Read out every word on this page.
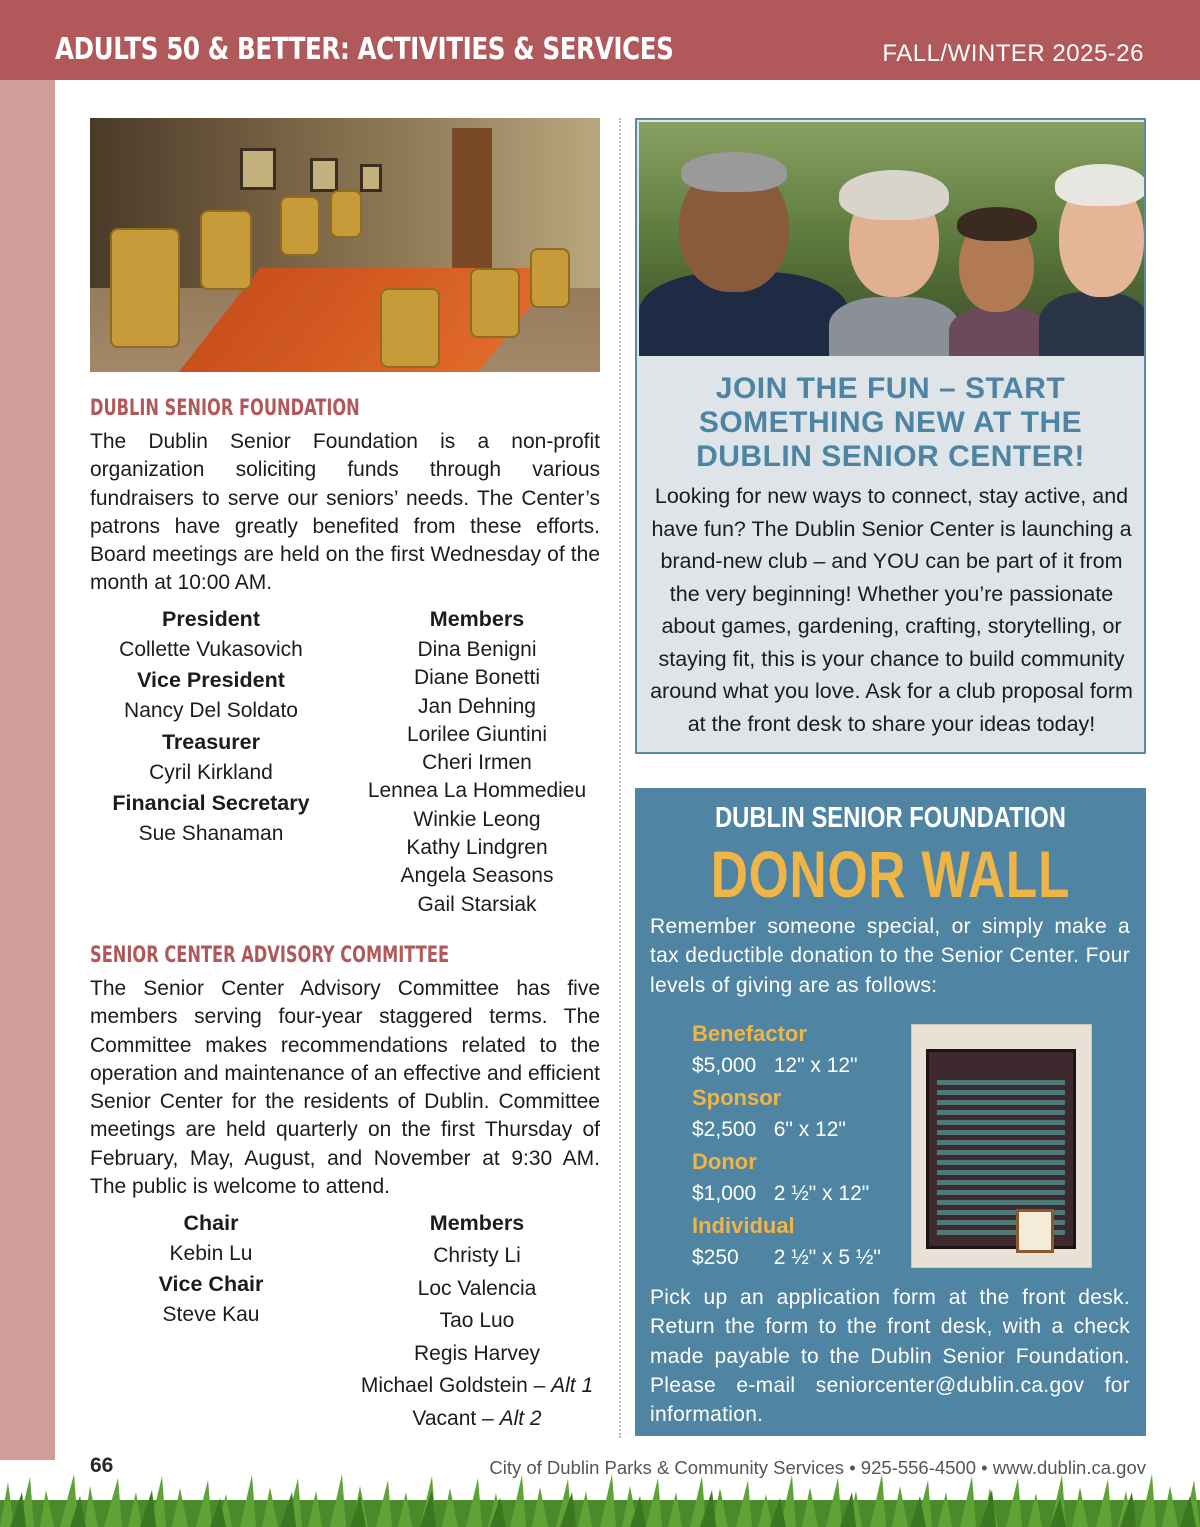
ADULTS 50 & BETTER: ACTIVITIES & SERVICES	FALL/WINTER 2025-26
DUBLIN SENIOR FOUNDATION
The Dublin Senior Foundation is a non-profit organization soliciting funds through various fundraisers to serve our seniors’ needs. The Center’s patrons have greatly benefited from these efforts. Board meetings are held on the first Wednesday of the month at 10:00 AM.
President
Collette Vukasovich
Vice President
Nancy Del Soldato
Treasurer
Cyril Kirkland
Financial Secretary
Sue Shanaman
Members
Dina Benigni
Diane Bonetti
Jan Dehning
Lorilee Giuntini
Cheri Irmen
Lennea La Hommedieu
Winkie Leong
Kathy Lindgren
Angela Seasons
Gail Starsiak
SENIOR CENTER ADVISORY COMMITTEE
The Senior Center Advisory Committee has five members serving four-year staggered terms. The Committee makes recommendations related to the operation and maintenance of an effective and efficient Senior Center for the residents of Dublin. Committee meetings are held quarterly on the first Thursday of February, May, August, and November at 9:30 AM. The public is welcome to attend.
Chair
Kebin Lu
Vice Chair
Steve Kau
Members
Christy Li
Loc Valencia
Tao Luo
Regis Harvey
Michael Goldstein – Alt 1
Vacant – Alt 2
JOIN THE FUN – START SOMETHING NEW AT THE DUBLIN SENIOR CENTER!
Looking for new ways to connect, stay active, and have fun? The Dublin Senior Center is launching a brand-new club – and YOU can be part of it from the very beginning! Whether you’re passionate about games, gardening, crafting, storytelling, or staying fit, this is your chance to build community around what you love. Ask for a club proposal form at the front desk to share your ideas today!
DUBLIN SENIOR FOUNDATION
DONOR WALL
Remember someone special, or simply make a tax deductible donation to the Senior Center. Four levels of giving are as follows:
Benefactor
$5,000   12" x 12"
Sponsor
$2,500   6" x 12"
Donor
$1,000   2 ½" x 12"
Individual
$250      2 ½" x 5 ½"
Pick up an application form at the front desk. Return the form to the front desk, with a check made payable to the Dublin Senior Foundation. Please e-mail seniorcenter@dublin.ca.gov for information.
66	City of Dublin Parks & Community Services • 925-556-4500 • www.dublin.ca.gov
